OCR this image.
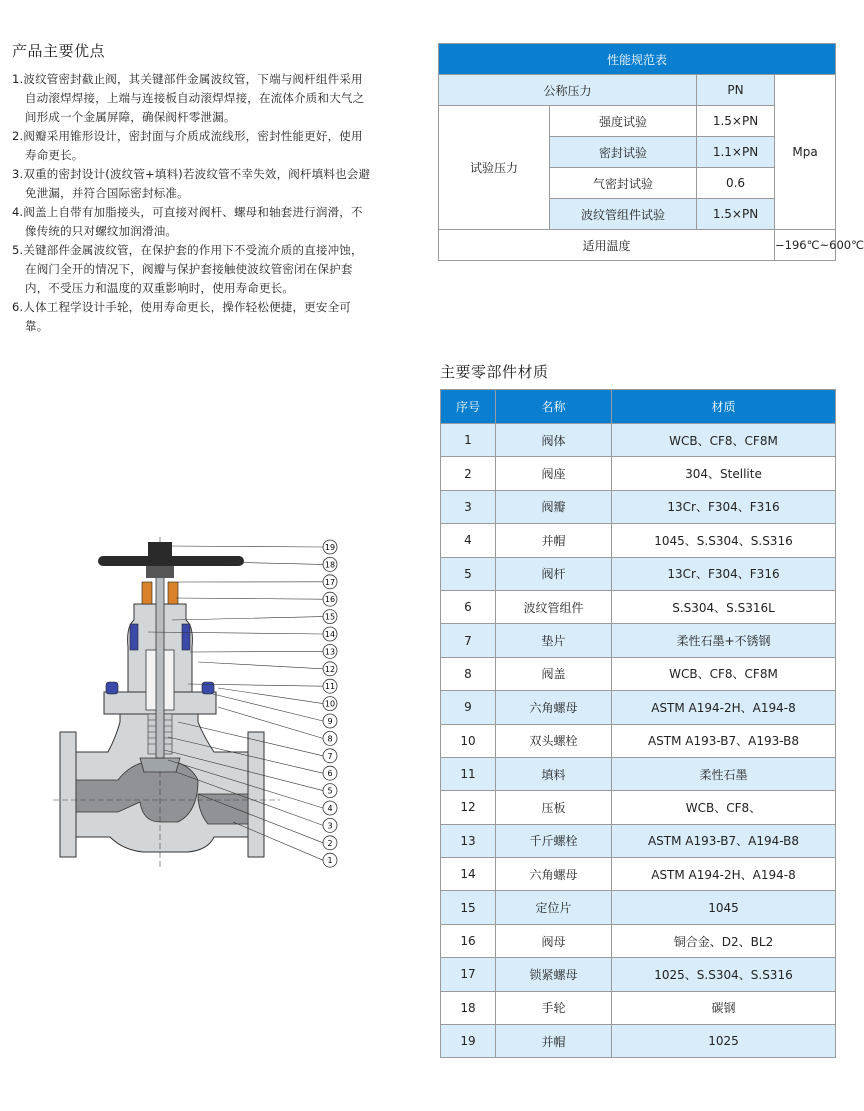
产品主要优点
1.波纹管密封截止阀，其关键部件金属波纹管，下端与阀杆组件采用自动滚焊焊接，上端与连接板自动滚焊焊接，在流体介质和大气之间形成一个金属屏障，确保阀杆零泄漏。
2.阀瓣采用锥形设计，密封面与介质成流线形，密封性能更好，使用寿命更长。
3.双重的密封设计(波纹管+填料)若波纹管不幸失效，阀杆填料也会避免泄漏，并符合国际密封标准。
4.阀盖上自带有加脂接头，可直接对阀杆、螺母和轴套进行润滑，不像传统的只对螺纹加润滑油。
5.关键部件金属波纹管，在保护套的作用下不受流介质的直接冲蚀，在阀门全开的情况下，阀瓣与保护套接触使波纹管密闭在保护套内，不受压力和温度的双重影响时，使用寿命更长。
6.人体工程学设计手轮，使用寿命更长，操作轻松便捷，更安全可靠。
性能规范表			
公称压力		PN	Mpa
试验压力	强度试验	1.5×PN	
	密封试验	1.1×PN	
	气密封试验	0.6	
	波纹管组件试验	1.5×PN	
适用温度			−196℃~600℃
主要零部件材质
序号	名称	材质
1	阀体	WCB、CF8、CF8M
2	阀座	304、Stellite
3	阀瓣	13Cr、F304、F316
4	并帽	1045、S.S304、S.S316
5	阀杆	13Cr、F304、F316
6	波纹管组件	S.S304、S.S316L
7	垫片	柔性石墨+不锈钢
8	阀盖	WCB、CF8、CF8M
9	六角螺母	ASTM A194-2H、A194-8
10	双头螺栓	ASTM A193-B7、A193-B8
11	填料	柔性石墨
12	压板	WCB、CF8、
13	千斤螺栓	ASTM A193-B7、A194-B8
14	六角螺母	ASTM A194-2H、A194-8
15	定位片	1045
16	阀母	铜合金、D2、BL2
17	锁紧螺母	1025、S.S304、S.S316
18	手轮	碳钢
19	并帽	1025
19
18
17
16
15
14
13
12
11
10
9
8
7
6
5
4
3
2
1
